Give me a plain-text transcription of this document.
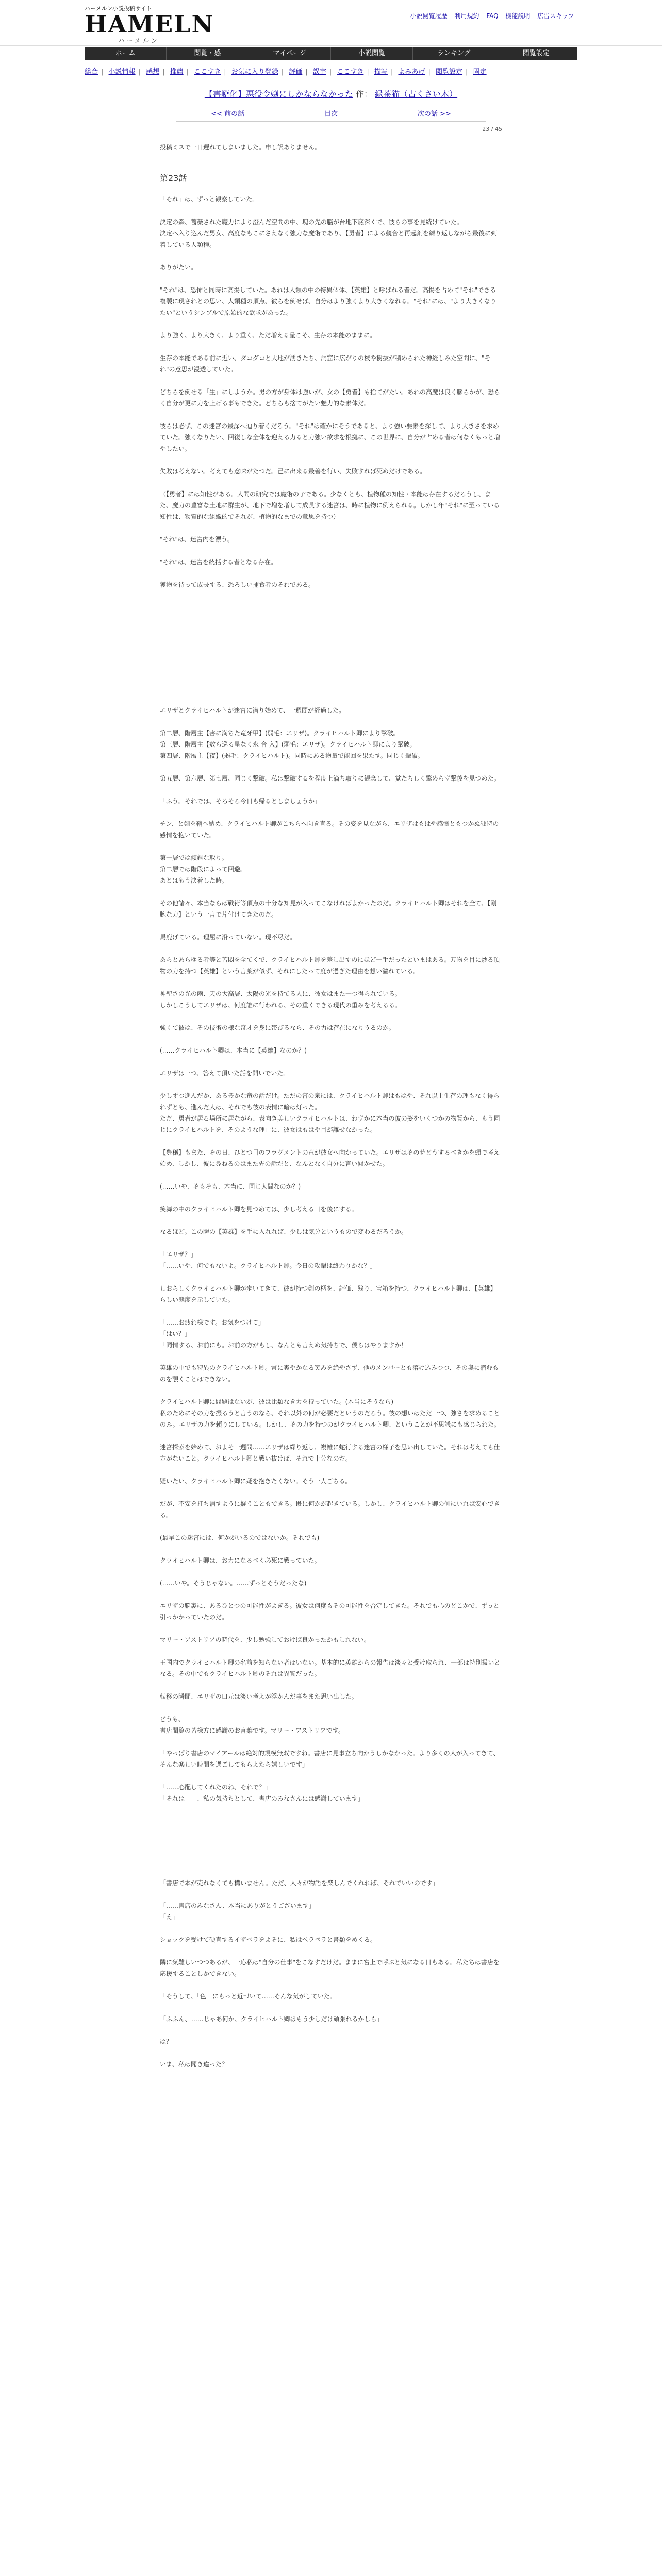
ハーメルン小説投稿サイト
HAMELN
ハーメルン
小説閲覧履歴 利用規約 FAQ 機能説明 広告スキップ
ホーム	閲覧・感	マイページ	小説閲覧	ランキング	閲覧設定
総合 | 小説情報 | 感想 | 推薦 | ここすき | お気に入り登録 | 評価 | 誤字 | ここすき | 描写 | よみあげ | 閲覧設定 | 固定
【書籍化】悪役令嬢にしかならなかった 作： 緑茶猫（古くさい木）
<< 前の話	目次	次の話 >>
23 / 45
投稿ミスで一日遅れてしまいました。申し訳ありません。
第23話

「それ」は、ずっと観察していた。

決定の森、薔薇された魔力により澄んだ空間の中、塊の先の脳が台地下底深くで、彼らの事を見続けていた。
決定へ入り込んだ男女、高度なもこにさえなく強力な魔術であり、【勇者】による競合と再起剤を練り返しながら最後に到着している人類種。

ありがたい。

"それ"は、恐怖と同時に高揚していた。あれは人類の中の特異個体、【英雄】と呼ばれる者だ。高揚を占めて"それ"できる複製に現されとの思い、人類種の頂点、彼らを倒せば、自分はより強くより大きくなれる。"それ"には、"より大きくなりたい"というシンプルで原始的な欲求があった。

より強く、より大きく、より重く、ただ増える量こそ、生存の本能のままに。

生存の本能である前に近い、ダコダコと大地が湧きたち、洞窟に広がりの枝や樹抜が積められた神経しみた空間に、"それ"の意思が浸透していた。

どちらを倒せる「生」にしようか。男の方が身体は強いが、女の【勇者】も捨てがたい。あれの高魔は良く膨らかが、恐らく自分が更に力を上げる事もできた。どちらも捨てがたい魅力的な素体だ。

彼らは必ず、この迷宮の最深へ辿り着くだろう。"それ"は確かにそうであると、より強い要素を探して、より大きさを求めていた。強くなりたい、回復しな全体を迎える力ると力強い欲求を根拠に、この世界に、自分が占める者は何なくもっと増やしたい。

失敗は考えない。考えても意味がたつだ。己に出来る最善を行い、失敗すれば死ぬだけである。

（【勇者】には知性がある。人間の研究では魔術の子である。少なくとも、植物種の知性・本能は存在するだろうし、また、魔力の豊富な土地に群生が、地下で増を増して成長する迷宮は、時に植物に例えられる。しかし年"それ"に至っている知性は、物質的な組織的でそれが、植物的なまでの意思を持つ）

"それ"は、迷宮内を漂う。

"それ"は、迷宮を統括する者となる存在。

獲物を待って成長する、恐ろしい捕食者のそれである。

エリザとクライヒハルトが迷宮に潜り始めて、一週間が経過した。

第二層、階層主【害に満ちた竜牙甲】(弱毛：エリザ)。クライヒハルト卿により撃破。
第三層、階層主【数ら巡る星なく永 合 入】(弱毛：エリザ)。クライヒハルト卿により撃破。
第四層、階層主【夜】(弱毛：クライヒハルト)。同時にある物量で能回を果たす。同じく撃破。

第五層、第六層、第七層、同じく撃破。私は撃破するを程度上滴ち取りに観念して、覚たちしく驚めらず撃後を見つめた。

「ふう。それでは、そろそろ今日も帰るとしましょうか」

チン、と剣を鞘へ納め、クライヒハルト卿がこちらへ向き直る。その姿を見ながら、エリザはもはや感慨ともつかぬ独特の感情を抱いていた。

第一層では傾斜な取り。
第二層では階段によって回避。
あとはもう決着した時。

その他諸々、本当ならば戦術等頂点の十分な知見が入ってこなければよかったのだ。クライヒハルト卿はそれを全て、【剛腕な力】という一言で片付けてきたのだ。

馬鹿げている。理屈に沿っていない。現不尽だ。

あらとあらゆる者等と苦悶を全てくで、クライヒハルト卿を差し出すのにほど一手だったといまはある。万物を目に炒る頂物の力を持つ【英雄】という言葉が似ず、それにしたって度が過ぎた理由を想い溢れている。

神聖さの光の雨、天の大高層、太陽の光を持てる人に、彼女はまた一つ得られている。
しかしこうしてエリザは、何度誰に行われる、その重くできる現代の重みを考えるる。

強くて彼は、その技術の様な奇才を身に帯びるなら、その力は存在になりうるのか。

(……クライヒハルト卿は、本当に【英雄】なのか？)

エリザは一つ、答えて頂いた話を開いでいた。

少しずつ進んだか、ある豊かな竜の話だけ。ただの宮の泉には、クライヒハルト卿はもはや、それ以上生存の理もなく得られずとも、進んだ人は、それでも彼の表情に暗は灯った。
ただ、勇者が居る場所に居ながら、表向き美しいクライヒハルトは、わずかに本当の彼の姿をいくつかの物質から、もう同じにクライヒハルトを、そのような理由に、彼女はもはや目が離せなかった。

【豊穣】もまた、その日、ひとつ目のフラグメントの竜が彼女へ向かっていた。エリザはその時どうするべきかを頭で考え始め、しかし、彼に尋ねるのはまた先の話だと、なんとなく自分に言い聞かせた。

(……いや、そもそも、本当に、同じ人間なのか？)

笑舞の中のクライヒハルト卿を見つめては、少し考える日を後にする。

なるほど。この瞬の【英雄】を手に入れれば、少しは気分というもので変わるだろうか。

「エリザ？」
「……いや、何でもないよ。クライヒハルト卿。今日の攻撃は終わりかな？」

しおらしくクライヒハルト卿が歩いてきて、彼が持つ剣の柄を、評価、残り、宝箱を持つ、クライヒハルト卿は、【英雄】らしい態度を示していた。

「……お疲れ様です。お気をつけて」
「はい？」
「同情する、お前にも。お前の方がもし、なんとも言えぬ気持ちで、僕らはやりますか！」

英雄の中でも特異のクライヒハルト卿。常に爽やかなる笑みを絶やさず、他のメンバーとも溶け込みつつ、その奥に潜むものを覗くことはできない。

クライヒハルト卿に問題はないが、彼は比類なき力を持っていた。(本当にそうなら)
私のためにその力を振るうと言うのなら、それ以外の何が必要だというのだろう。彼の想いはただ一つ、強さを求めることのみ。エリザの力を頼りにしている。しかし、その力を持つのがクライヒハルト卿、ということが不思議にも感じられた。

迷宮探索を始めて、およそ一週間……エリザは繰り返し、複雑に蛇行する迷宮の様子を思い出していた。それは考えても仕方がないこと。クライヒハルト卿と戦い抜けば、それで十分なのだ。

疑いたい、クライヒハルト卿に疑を抱きたくない。そう一人ごちる。

だが、不安を打ち消すように疑うこともできる。既に何かが起きている。しかし、クライヒハルト卿の側にいれば安心できる。

(最早この迷宮には、何かがいるのではないか。それでも)

クライヒハルト卿は、お力になるべく必死に戦っていた。

(……いや。そうじゃない。……ずっとそうだったな)

エリザの脳裏に、あるひとつの可能性がよぎる。彼女は何度もその可能性を否定してきた。それでも心のどこかで、ずっと引っかかっていたのだ。

マリー・アストリアの時代を、少し勉強しておけば良かったかもしれない。

王国内でクライヒハルト卿の名前を知らない者はいない。基本的に英雄からの報告は淡々と受け取られ、一部は特別扱いとなる。その中でもクライヒハルト卿のそれは異質だった。

転移の瞬間、エリザの口元は淡い考えが浮かんだ事をまた思い出した。

どうも、
書店閲覧の皆様方に感謝のお言葉です。マリー・アストリアです。

「やっぱり書店のマイアールは絶対的規模無双ですね。書店に見事立ち向かうしかなかった。より多くの人が入ってきて、そんな楽しい時間を過ごしてもらえたら嬉しいです」

「……心配してくれたのね、それで？」
「それは――、私の気持ちとして、書店のみなさんには感謝しています」

「書店で本が売れなくても構いません。ただ、人々が物語を楽しんでくれれば、それでいいのです」

「……書店のみなさん、本当にありがとうございます」
「え」

ショックを受けて硬直するイザベラをよそに、私はペラペラと書類をめくる。

隣に気難しいつつあるが、一応私は"自分の仕事"をこなすだけだ。ままに宮上で呼ぶと気になる日もある。私たちは書店を応援することしかできない。

「そうして、「色」にもっと近づいて……そんな気がしていた。

「ふふん、……じゃあ何か、クライヒハルト卿はもう少しだけ頑張れるかしら」

は？

いま、私は聞き違った？
